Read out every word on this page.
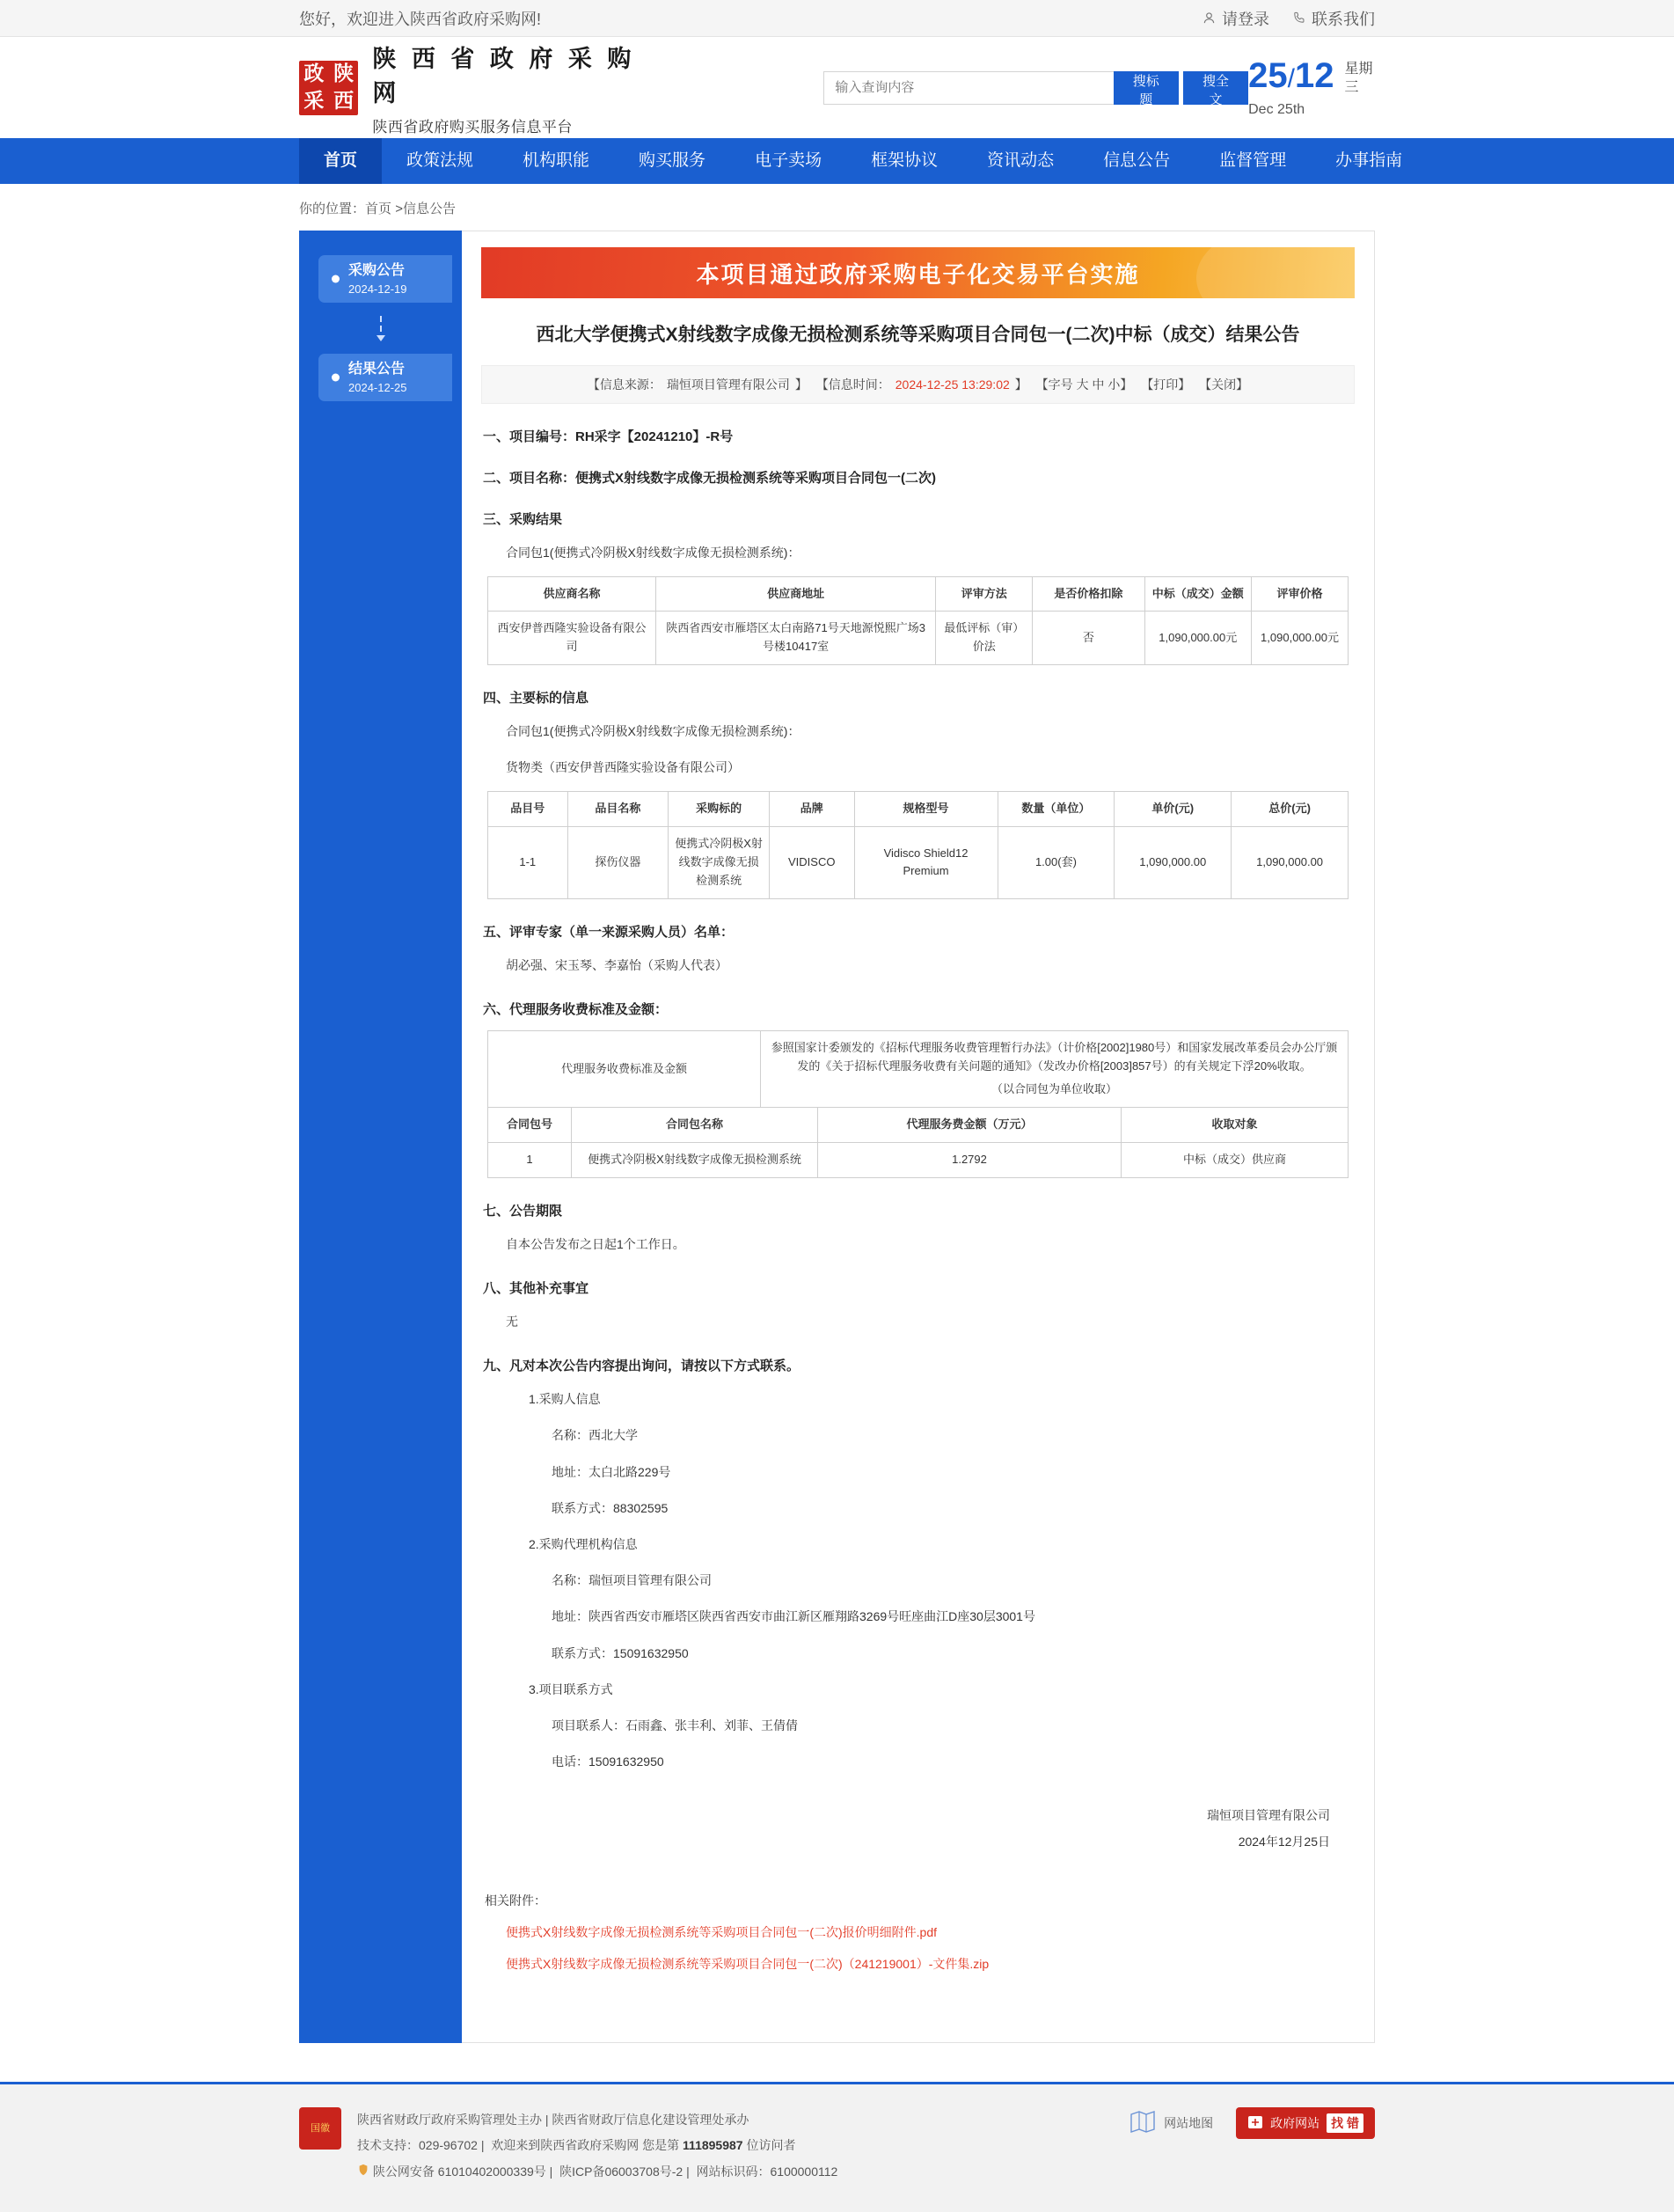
您好，欢迎进入陕西省政府采购网!	请登录	联系我们
政 陕
采 西
陕 西 省 政 府 采 购 网
陕西省政府购买服务信息平台
输入查询内容
搜标题
搜全文
25/12
Dec 25th
星期三
首页	政策法规	机构职能	购买服务	电子卖场	框架协议	资讯动态	信息公告	监督管理	办事指南
你的位置：首页 >信息公告
采购公告
2024-12-19
结果公告
2024-12-25
本项目通过政府采购电子化交易平台实施
西北大学便携式X射线数字成像无损检测系统等采购项目合同包一(二次)中标（成交）结果公告
【信息来源： 瑞恒项目管理有限公司 】 【信息时间： 2024-12-25 13:29:02 】 【字号 大 中 小】 【打印】 【关闭】
一、项目编号：RH采字【20241210】-R号
二、项目名称：便携式X射线数字成像无损检测系统等采购项目合同包一(二次)
三、采购结果
合同包1(便携式冷阴极X射线数字成像无损检测系统)：
供应商名称	供应商地址	评审方法	是否价格扣除	中标（成交）金额	评审价格
西安伊普西隆实验设备有限公司	陕西省西安市雁塔区太白南路71号天地源悦熙广场3号楼10417室	最低评标（审）价法	否	1,090,000.00元	1,090,000.00元
四、主要标的信息
合同包1(便携式冷阴极X射线数字成像无损检测系统)：
货物类（西安伊普西隆实验设备有限公司）
品目号	品目名称	采购标的	品牌	规格型号	数量（单位）	单价(元)	总价(元)
1-1	探伤仪器	便携式冷阴极X射线数字成像无损检测系统	VIDISCO	Vidisco Shield12 Premium	1.00(套)	1,090,000.00	1,090,000.00
五、评审专家（单一来源采购人员）名单：
胡必强、宋玉琴、李嘉怡（采购人代表）
六、代理服务收费标准及金额：
代理服务收费标准及金额	参照国家计委颁发的《招标代理服务收费管理暂行办法》（计价格[2002]1980号）和国家发展改革委员会办公厅颁发的《关于招标代理服务收费有关问题的通知》（发改办价格[2003]857号）的有关规定下浮20%收取。
（以合同包为单位收取）
合同包号	合同包名称	代理服务费金额（万元）	收取对象
1	便携式冷阴极X射线数字成像无损检测系统	1.2792	中标（成交）供应商
七、公告期限
自本公告发布之日起1个工作日。
八、其他补充事宜
无
九、凡对本次公告内容提出询问，请按以下方式联系。
1.采购人信息
名称：西北大学
地址：太白北路229号
联系方式：88302595
2.采购代理机构信息
名称：瑞恒项目管理有限公司
地址：陕西省西安市雁塔区陕西省西安市曲江新区雁翔路3269号旺座曲江D座30层3001号
联系方式：15091632950
3.项目联系方式
项目联系人：石雨鑫、张丰利、刘菲、王倩倩
电话：15091632950
瑞恒项目管理有限公司
2024年12月25日
相关附件：
便携式X射线数字成像无损检测系统等采购项目合同包一(二次)报价明细附件.pdf
便携式X射线数字成像无损检测系统等采购项目合同包一(二次)（241219001）-文件集.zip
国徽
陕西省财政厅政府采购管理处主办 | 陕西省财政厅信息化建设管理处承办
技术支持：029-96702 |  欢迎来到陕西省政府采购网 您是第 111895987 位访问者
陕公网安备 61010402000339号 |  陕ICP备06003708号-2 |  网站标识码：6100000112
网站地图	政府网站 找 错
